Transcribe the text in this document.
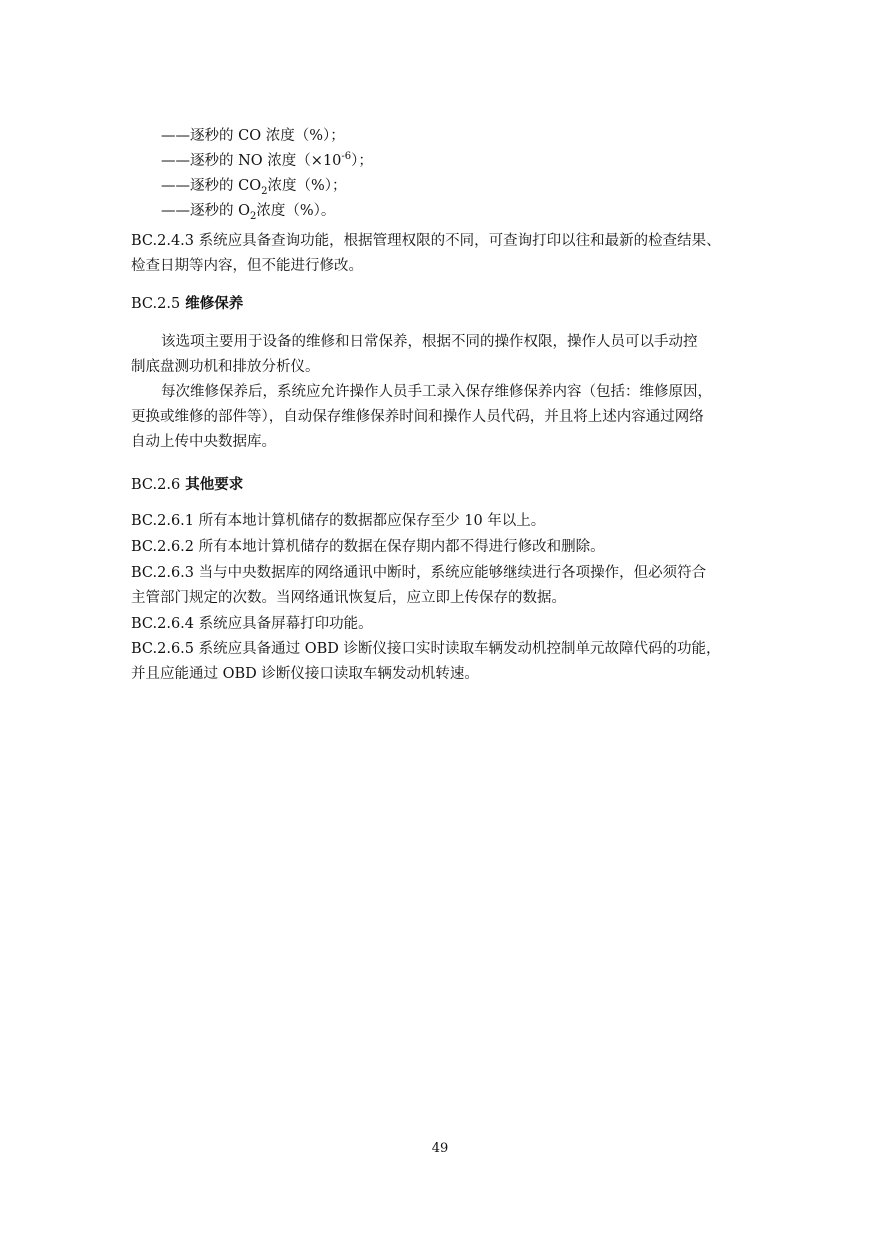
——逐秒的 CO 浓度（%）；
——逐秒的 NO 浓度$(\times 10^{-6})$；
——逐秒的 $CO_2$浓度（%）；
——逐秒的 $O_2$浓度（%）。
BC.2.4.3 系统应具备查询功能，根据管理权限的不同，可查询打印以往和最新的检查结果、
检查日期等内容，但不能进行修改。
BC.2.5 维修保养
该选项主要用于设备的维修和日常保养，根据不同的操作权限，操作人员可以手动控
制底盘测功机和排放分析仪。
每次维修保养后，系统应允许操作人员手工录入保存维修保养内容（包括：维修原因，
更换或维修的部件等），自动保存维修保养时间和操作人员代码，并且将上述内容通过网络
自动上传中央数据库。
BC.2.6 其他要求
BC.2.6.1 所有本地计算机储存的数据都应保存至少 10 年以上。
BC.2.6.2 所有本地计算机储存的数据在保存期内都不得进行修改和删除。
BC.2.6.3 当与中央数据库的网络通讯中断时，系统应能够继续进行各项操作，但必须符合
主管部门规定的次数。当网络通讯恢复后，应立即上传保存的数据。
BC.2.6.4 系统应具备屏幕打印功能。
BC.2.6.5 系统应具备通过 OBD 诊断仪接口实时读取车辆发动机控制单元故障代码的功能，
并且应能通过 OBD 诊断仪接口读取车辆发动机转速。
49
